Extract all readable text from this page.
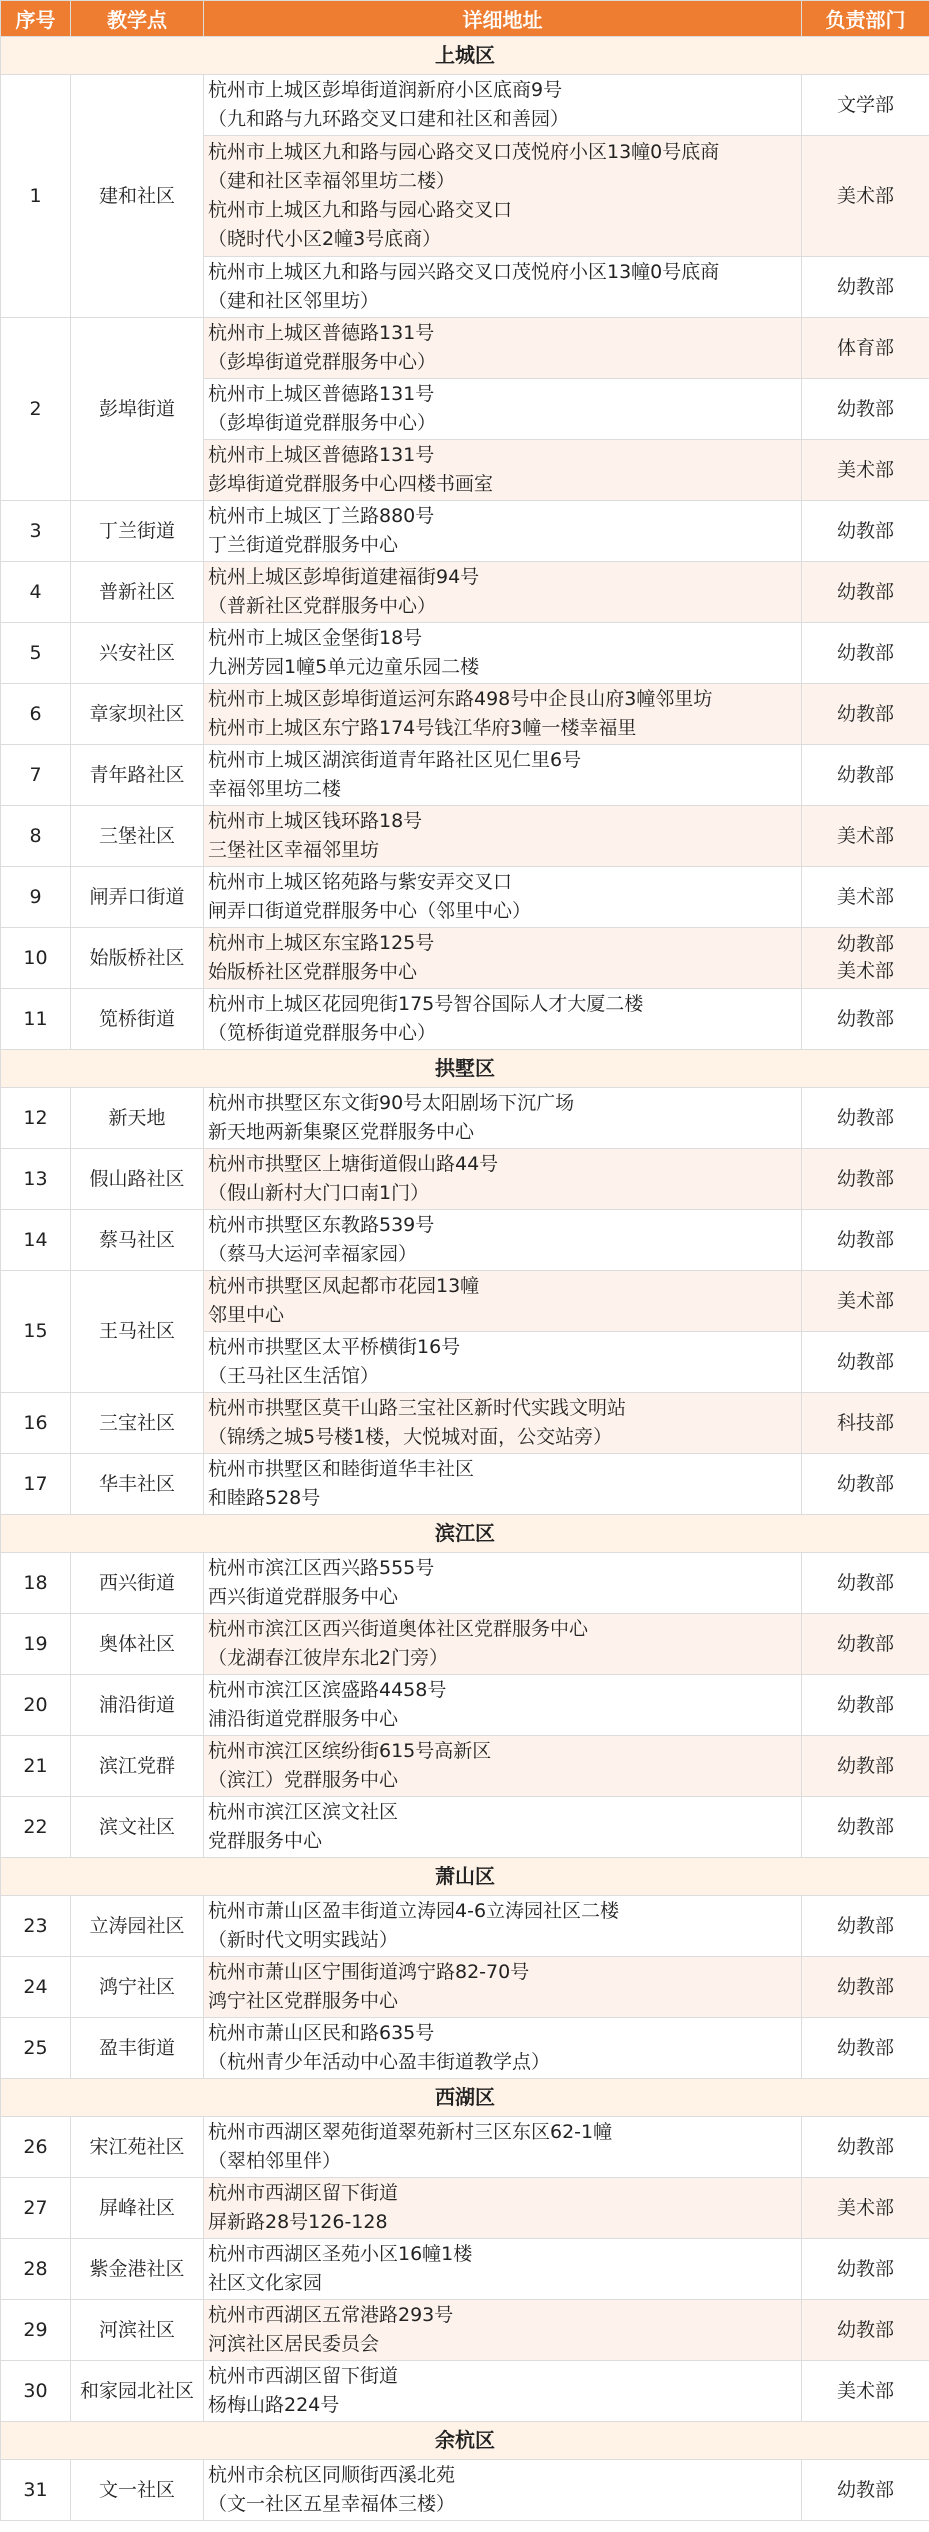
序号	教学点	详细地址	负责部门
上城区			
1	建和社区	杭州市上城区彭埠街道润新府小区底商9号
（九和路与九环路交叉口建和社区和善园）	文学部

		杭州市上城区九和路与园心路交叉口茂悦府小区13幢0号底商
（建和社区幸福邻里坊二楼）
杭州市上城区九和路与园心路交叉口
（晓时代小区2幢3号底商）	美术部

		杭州市上城区九和路与园兴路交叉口茂悦府小区13幢0号底商
（建和社区邻里坊）	幼教部

2	彭埠街道	杭州市上城区普德路131号
（彭埠街道党群服务中心）	体育部

		杭州市上城区普德路131号
（彭埠街道党群服务中心）	幼教部

		杭州市上城区普德路131号
彭埠街道党群服务中心四楼书画室	美术部

3	丁兰街道	杭州市上城区丁兰路880号
丁兰街道党群服务中心	幼教部

4	普新社区	杭州上城区彭埠街道建福街94号
（普新社区党群服务中心）	幼教部

5	兴安社区	杭州市上城区金堡街18号
九洲芳园1幢5单元边童乐园二楼	幼教部

6	章家坝社区	杭州市上城区彭埠街道运河东路498号中企艮山府3幢邻里坊
杭州市上城区东宁路174号钱江华府3幢一楼幸福里	幼教部

7	青年路社区	杭州市上城区湖滨街道青年路社区见仁里6号
幸福邻里坊二楼	幼教部

8	三堡社区	杭州市上城区钱环路18号
三堡社区幸福邻里坊	美术部

9	闸弄口街道	杭州市上城区铭苑路与紫安弄交叉口
闸弄口街道党群服务中心（邻里中心）	美术部

10	始版桥社区	杭州市上城区东宝路125号
始版桥社区党群服务中心	幼教部
美术部

11	笕桥街道	杭州市上城区花园兜街175号智谷国际人才大厦二楼
（笕桥街道党群服务中心）	幼教部

拱墅区			
12	新天地	杭州市拱墅区东文街90号太阳剧场下沉广场
新天地两新集聚区党群服务中心	幼教部

13	假山路社区	杭州市拱墅区上塘街道假山路44号
（假山新村大门口南1门）	幼教部

14	蔡马社区	杭州市拱墅区东教路539号
（蔡马大运河幸福家园）	幼教部

15	王马社区	杭州市拱墅区凤起都市花园13幢
邻里中心	美术部

		杭州市拱墅区太平桥横街16号
（王马社区生活馆）	幼教部

16	三宝社区	杭州市拱墅区莫干山路三宝社区新时代实践文明站
（锦绣之城5号楼1楼，大悦城对面，公交站旁）	科技部

17	华丰社区	杭州市拱墅区和睦街道华丰社区
和睦路528号	幼教部

滨江区			
18	西兴街道	杭州市滨江区西兴路555号
西兴街道党群服务中心	幼教部

19	奥体社区	杭州市滨江区西兴街道奥体社区党群服务中心
（龙湖春江彼岸东北2门旁）	幼教部

20	浦沿街道	杭州市滨江区滨盛路4458号
浦沿街道党群服务中心	幼教部

21	滨江党群	杭州市滨江区缤纷街615号高新区
（滨江）党群服务中心	幼教部

22	滨文社区	杭州市滨江区滨文社区
党群服务中心	幼教部

萧山区			
23	立涛园社区	杭州市萧山区盈丰街道立涛园4-6立涛园社区二楼
（新时代文明实践站）	幼教部

24	鸿宁社区	杭州市萧山区宁围街道鸿宁路82-70号
鸿宁社区党群服务中心	幼教部

25	盈丰街道	杭州市萧山区民和路635号
（杭州青少年活动中心盈丰街道教学点）	幼教部

西湖区			
26	宋江苑社区	杭州市西湖区翠苑街道翠苑新村三区东区62-1幢
（翠柏邻里伴）	幼教部

27	屏峰社区	杭州市西湖区留下街道
屏新路28号126-128	美术部

28	紫金港社区	杭州市西湖区圣苑小区16幢1楼
社区文化家园	幼教部

29	河滨社区	杭州市西湖区五常港路293号
河滨社区居民委员会	幼教部

30	和家园北社区	杭州市西湖区留下街道
杨梅山路224号	美术部

余杭区			
31	文一社区	杭州市余杭区同顺街西溪北苑
（文一社区五星幸福体三楼）	幼教部
